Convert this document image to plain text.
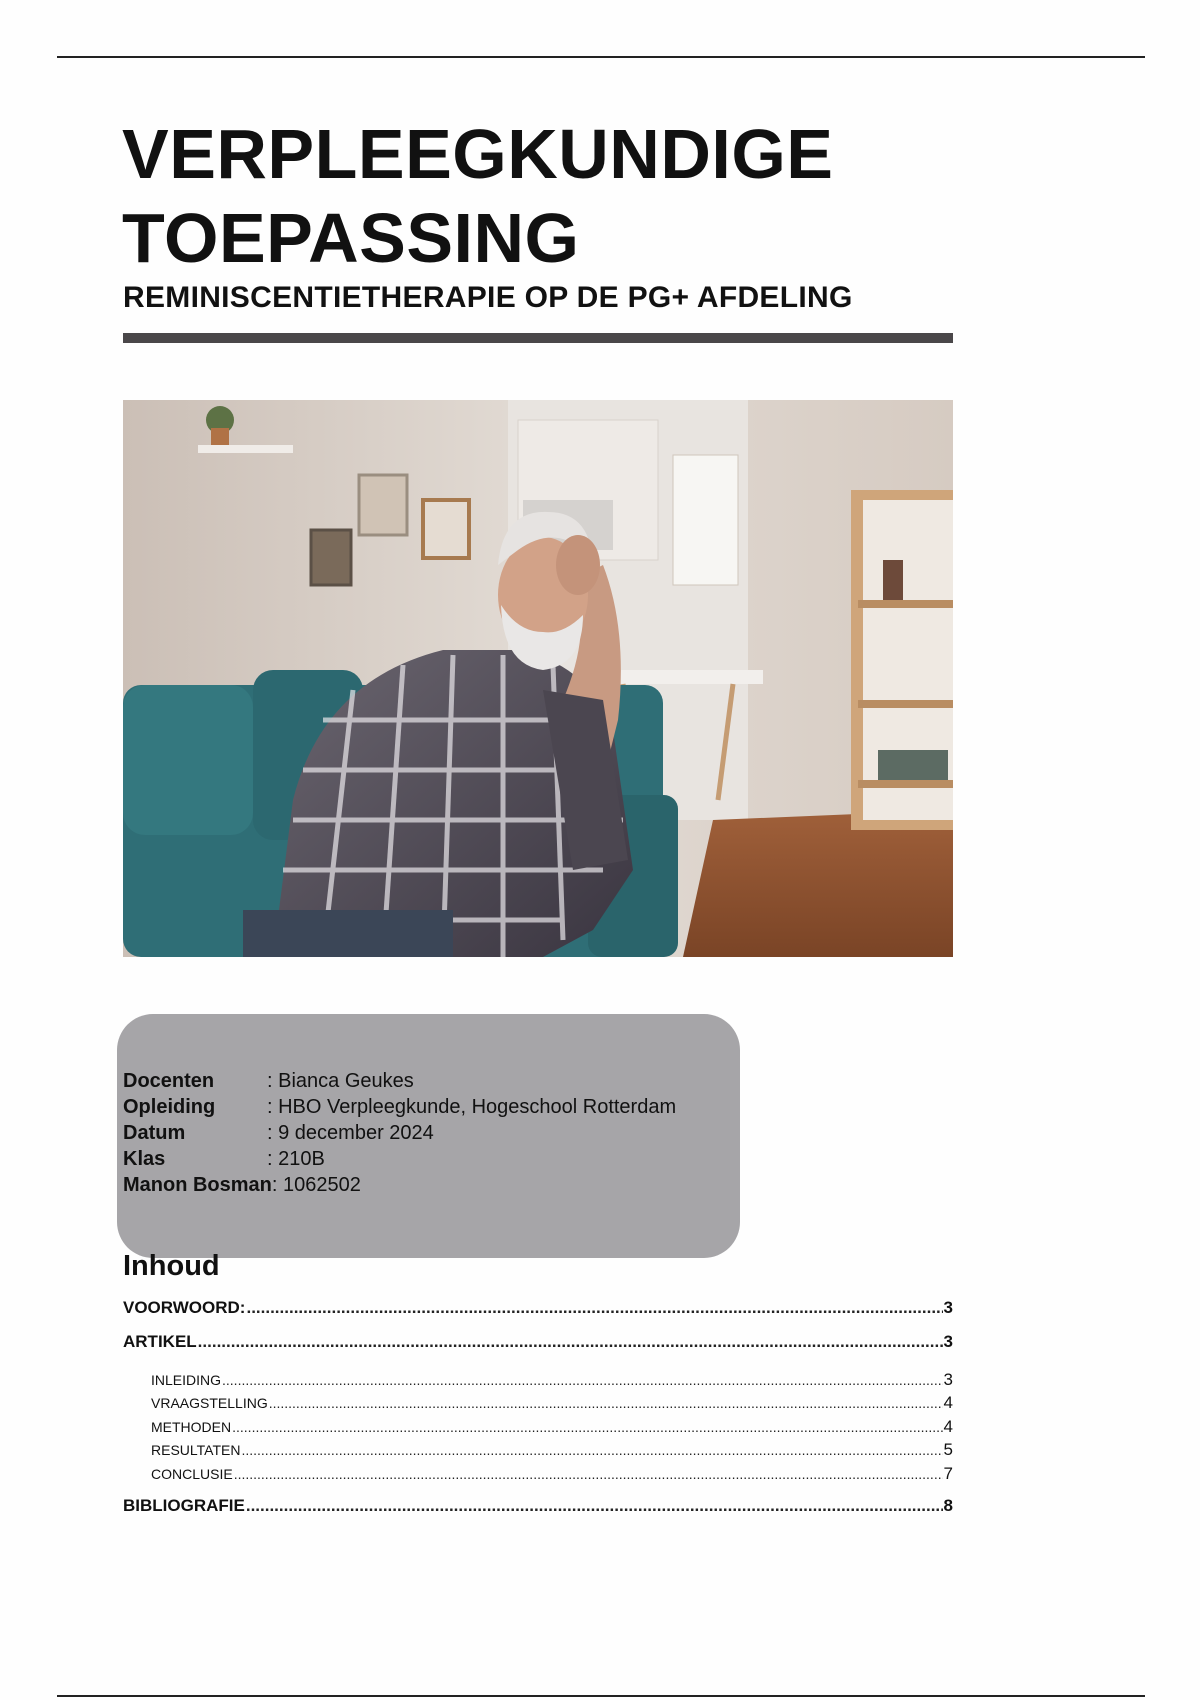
VERPLEEGKUNDIGE TOEPASSING
REMINISCENTIETHERAPIE OP DE PG+ AFDELING
Docenten	: Bianca Geukes
Opleiding	: HBO Verpleegkunde, Hogeschool Rotterdam
Datum	: 9 december 2024
Klas	: 210B
Manon Bosman : 1062502
Inhoud
VOORWOORD: .....	3
ARTIKEL .....	3
INLEIDING .....	3
VRAAGSTELLING .....	4
METHODEN .....	4
RESULTATEN .....	5
CONCLUSIE .....	7
BIBLIOGRAFIE .....	8
